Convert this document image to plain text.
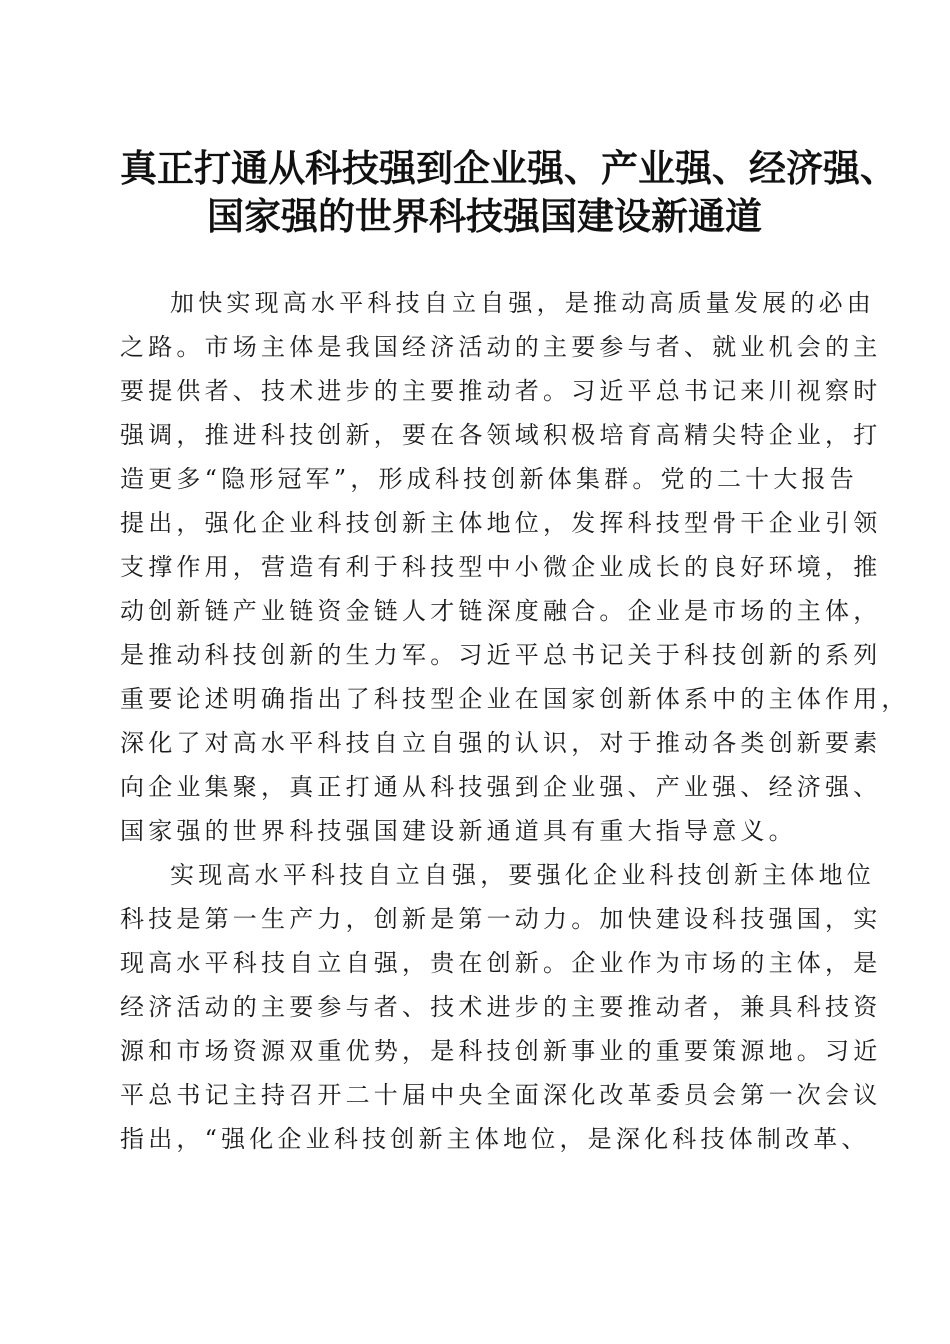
真正打通从科技强到企业强、产业强、经济强、
国家强的世界科技强国建设新通道
加快实现高水平科技自立自强，是推动高质量发展的必由
之路。市场主体是我国经济活动的主要参与者、就业机会的主
要提供者、技术进步的主要推动者。习近平总书记来川视察时
强调，推进科技创新，要在各领域积极培育高精尖特企业，打
造更多“隐形冠军”，形成科技创新体集群。党的二十大报告
提出，强化企业科技创新主体地位，发挥科技型骨干企业引领
支撑作用，营造有利于科技型中小微企业成长的良好环境，推
动创新链产业链资金链人才链深度融合。企业是市场的主体，
是推动科技创新的生力军。习近平总书记关于科技创新的系列
重要论述明确指出了科技型企业在国家创新体系中的主体作用，
深化了对高水平科技自立自强的认识，对于推动各类创新要素
向企业集聚，真正打通从科技强到企业强、产业强、经济强、
国家强的世界科技强国建设新通道具有重大指导意义。
实现高水平科技自立自强，要强化企业科技创新主体地位
科技是第一生产力，创新是第一动力。加快建设科技强国，实
现高水平科技自立自强，贵在创新。企业作为市场的主体，是
经济活动的主要参与者、技术进步的主要推动者，兼具科技资
源和市场资源双重优势，是科技创新事业的重要策源地。习近
平总书记主持召开二十届中央全面深化改革委员会第一次会议
指出，“强化企业科技创新主体地位，是深化科技体制改革、
